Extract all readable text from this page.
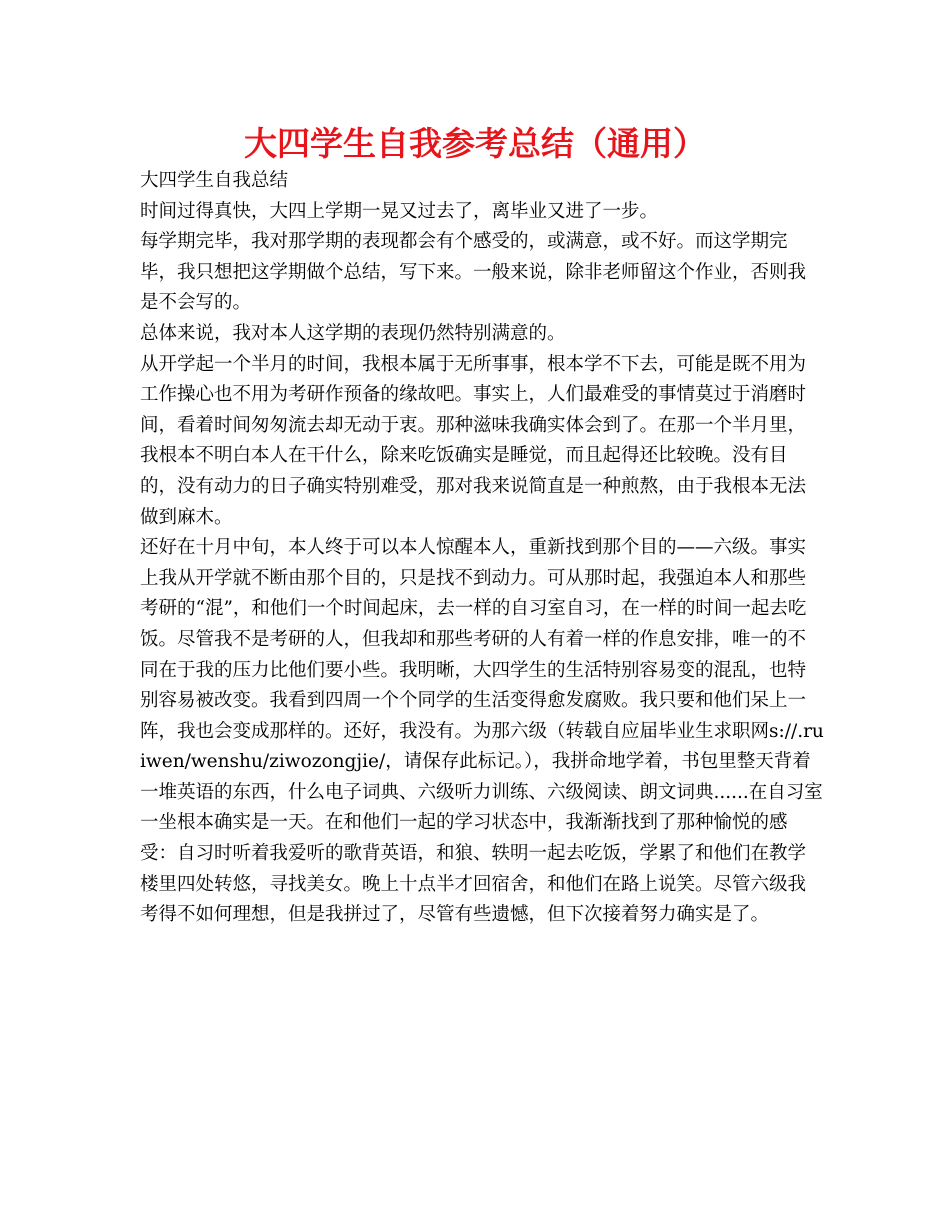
大四学生自我参考总结（通用）

大四学生自我总结

时间过得真快，大四上学期一晃又过去了，离毕业又进了一步。

每学期完毕，我对那学期的表现都会有个感受的，或满意，或不好。而这学期完毕，我只想把这学期做个总结，写下来。一般来说，除非老师留这个作业，否则我是不会写的。

总体来说，我对本人这学期的表现仍然特别满意的。

从开学起一个半月的时间，我根本属于无所事事，根本学不下去，可能是既不用为工作操心也不用为考研作预备的缘故吧。事实上，人们最难受的事情莫过于消磨时间，看着时间匆匆流去却无动于衷。那种滋味我确实体会到了。在那一个半月里，我根本不明白本人在干什么，除来吃饭确实是睡觉，而且起得还比较晚。没有目的，没有动力的日子确实特别难受，那对我来说简直是一种煎熬，由于我根本无法做到麻木。

还好在十月中旬，本人终于可以本人惊醒本人，重新找到那个目的——六级。事实上我从开学就不断由那个目的，只是找不到动力。可从那时起，我强迫本人和那些考研的“混”，和他们一个时间起床，去一样的自习室自习，在一样的时间一起去吃饭。尽管我不是考研的人，但我却和那些考研的人有着一样的作息安排，唯一的不同在于我的压力比他们要小些。我明晰，大四学生的生活特别容易变的混乱，也特别容易被改变。我看到四周一个个同学的生活变得愈发腐败。我只要和他们呆上一阵，我也会变成那样的。还好，我没有。为那六级（转载自应届毕业生求职网s://.ruiwen/wenshu/ziwozongjie/，请保存此标记。），我拼命地学着，书包里整天背着一堆英语的东西，什么电子词典、六级听力训练、六级阅读、朗文词典......在自习室一坐根本确实是一天。在和他们一起的学习状态中，我渐渐找到了那种愉悦的感受：自习时听着我爱听的歌背英语，和狼、轶明一起去吃饭，学累了和他们在教学楼里四处转悠，寻找美女。晚上十点半才回宿舍，和他们在路上说笑。尽管六级我考得不如何理想，但是我拼过了，尽管有些遗憾，但下次接着努力确实是了。
